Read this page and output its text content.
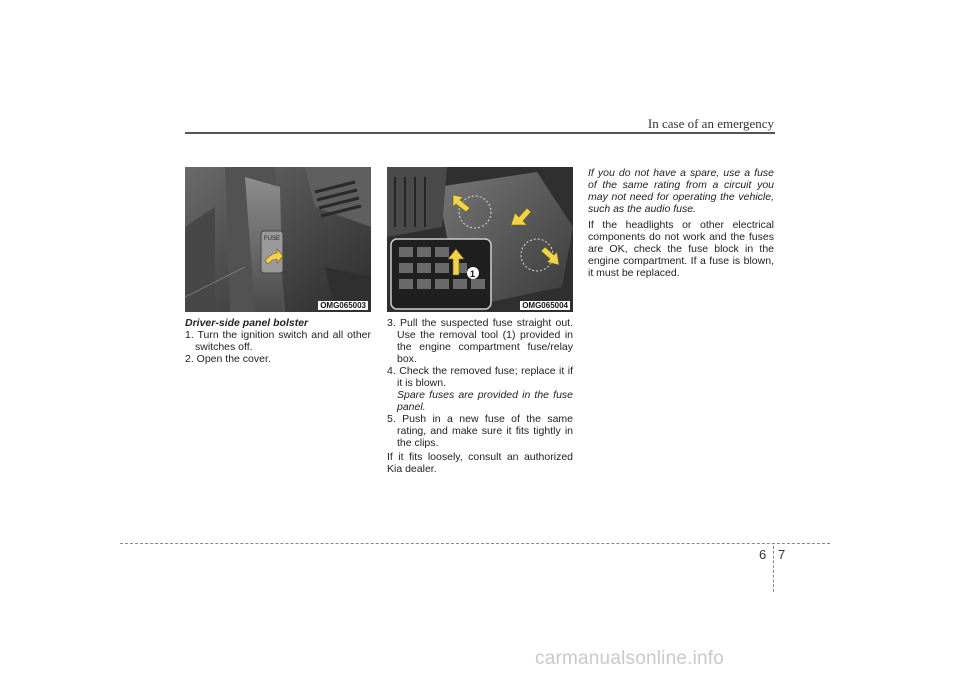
In case of an emergency
FUSE
OMG065003
Driver-side panel bolster

1. Turn the ignition switch and all other switches off.

2. Open the cover.

1
OMG065004

3. Pull the suspected fuse straight out. Use the removal tool (1) provided in the engine compartment fuse/relay box.

4. Check the removed fuse; replace it if it is blown.

Spare fuses are provided in the fuse panel.

5. Push in a new fuse of the same rating, and make sure it fits tightly in the clips.

If it fits loosely, consult an authorized Kia dealer.

If you do not have a spare, use a fuse of the same rating from a circuit you may not need for operating the vehicle, such as the audio fuse.

If the headlights or other electrical components do not work and the fuses are OK, check the fuse block in the engine compartment. If a fuse is blown, it must be replaced.

6 7
carmanualsonline.info
